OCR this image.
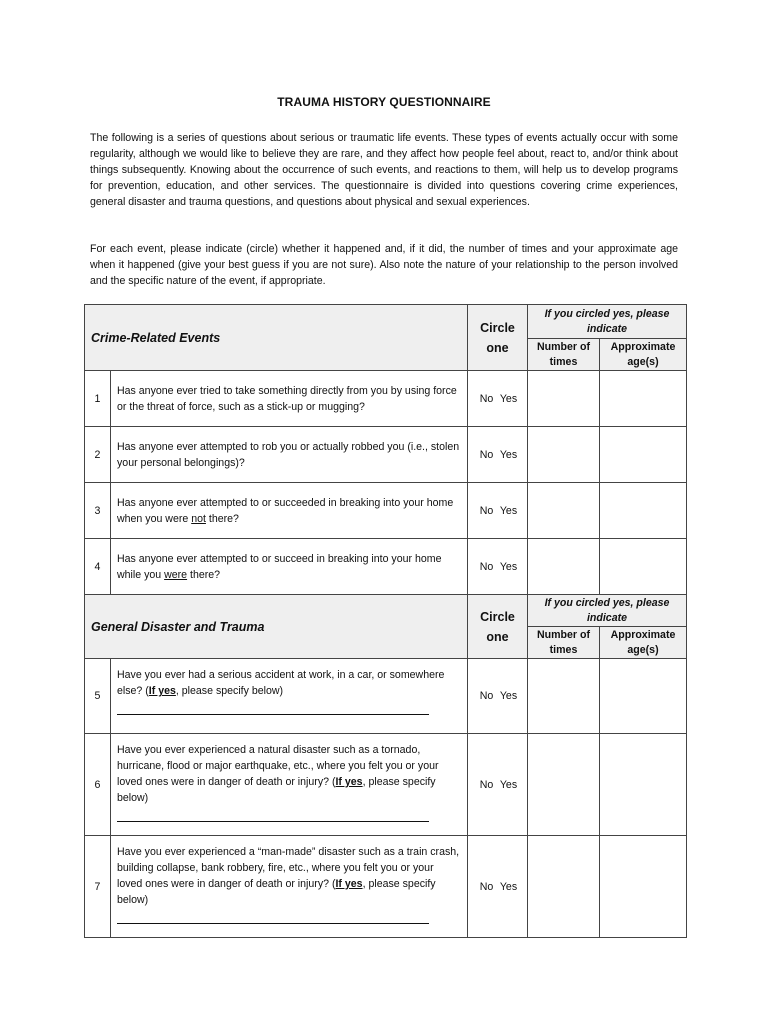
TRAUMA HISTORY QUESTIONNAIRE

The following is a series of questions about serious or traumatic life events. These types of events actually occur with some regularity, although we would like to believe they are rare, and they affect how people feel about, react to, and/or think about things subsequently. Knowing about the occurrence of such events, and reactions to them, will help us to develop programs for prevention, education, and other services. The questionnaire is divided into questions covering crime experiences, general disaster and trauma questions, and questions about physical and sexual experiences.

For each event, please indicate (circle) whether it happened and, if it did, the number of times and your approximate age when it happened (give your best guess if you are not sure). Also note the nature of your relationship to the person involved and the specific nature of the event, if appropriate.

Crime-Related Events		Circle one	If you circled yes, please indicate	
			Number of times	Approximate age(s)
1	Has anyone ever tried to take something directly from you by using force or the threat of force, such as a stick-up or mugging?	No Yes		
2	Has anyone ever attempted to rob you or actually robbed you (i.e., stolen your personal belongings)?	No Yes		
3	Has anyone ever attempted to or succeeded in breaking into your home when you were not there?	No Yes		
4	Has anyone ever attempted to or succeed in breaking into your home while you were there?	No Yes		
General Disaster and Trauma		Circle one	If you circled yes, please indicate	
			Number of times	Approximate age(s)
5	Have you ever had a serious accident at work, in a car, or somewhere else? (If yes, please specify below)	No Yes		
6	Have you ever experienced a natural disaster such as a tornado, hurricane, flood or major earthquake, etc., where you felt you or your loved ones were in danger of death or injury? (If yes, please specify below)	No Yes		
7	Have you ever experienced a “man-made” disaster such as a train crash, building collapse, bank robbery, fire, etc., where you felt you or your loved ones were in danger of death or injury? (If yes, please specify below)	No Yes		
